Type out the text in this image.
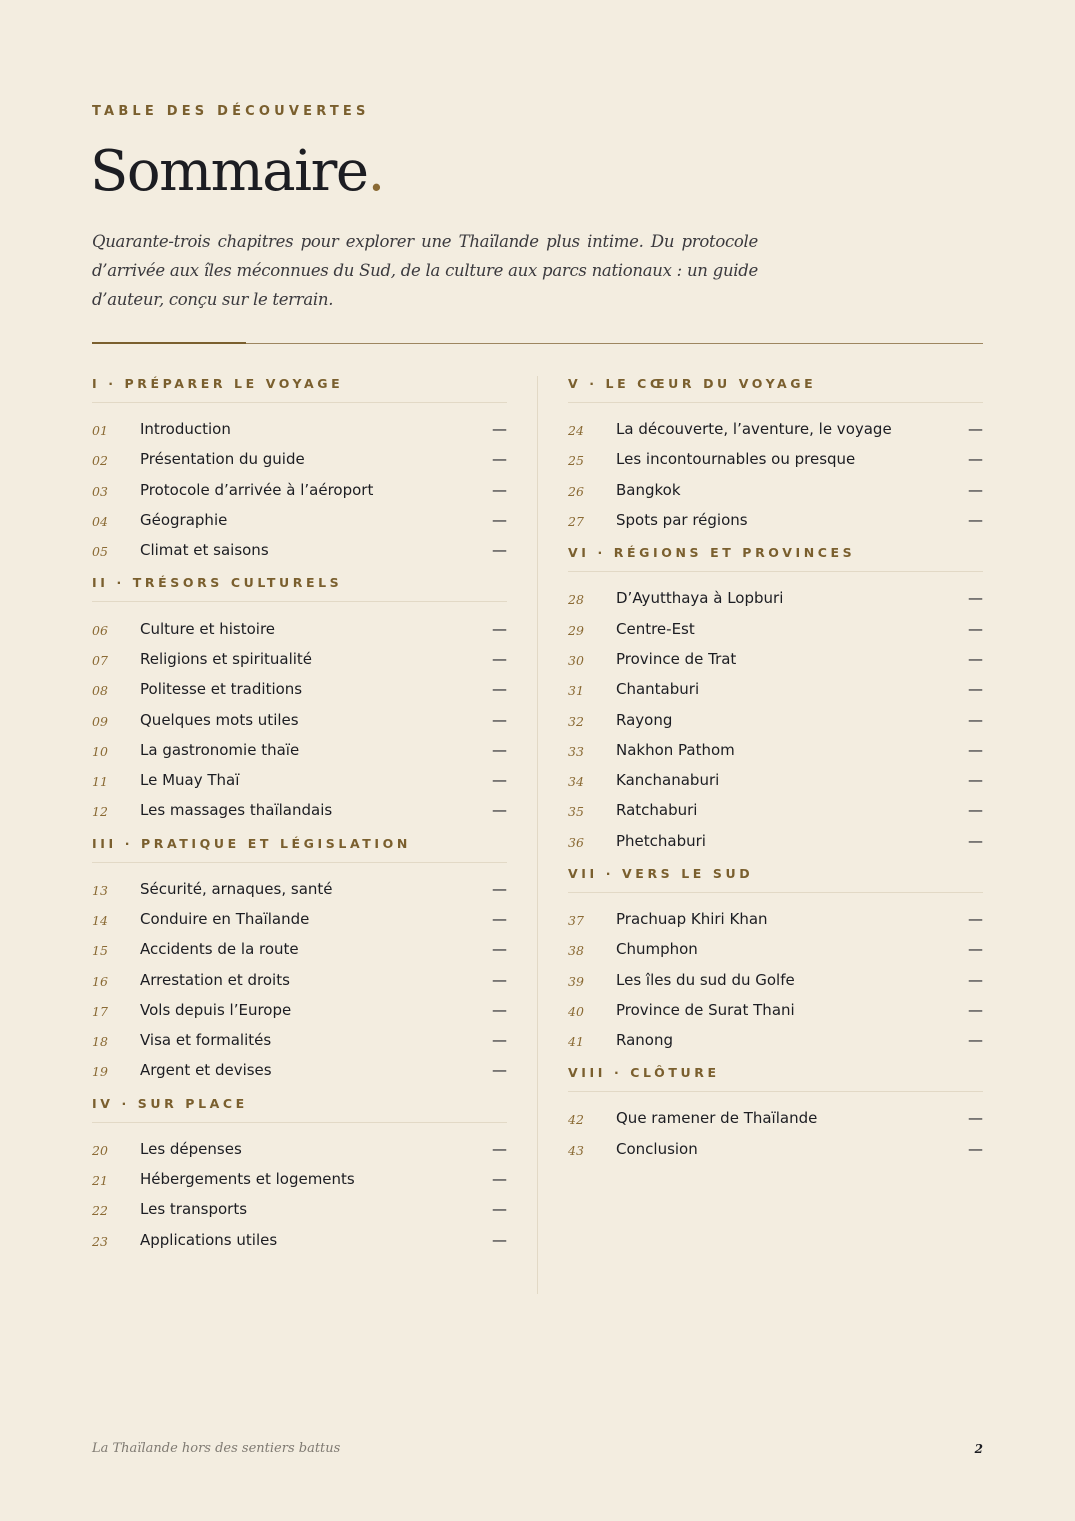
TABLE DES DÉCOUVERTES
Sommaire.
Quarante-trois chapitres pour explorer une Thaïlande plus intime. Du protocole d’arrivée aux îles méconnues du Sud, de la culture aux parcs nationaux : un guide d’auteur, conçu sur le terrain.
I · PRÉPARER LE VOYAGE
01	Introduction	—
02	Présentation du guide	—
03	Protocole d’arrivée à l’aéroport	—
04	Géographie	—
05	Climat et saisons	—
II · TRÉSORS CULTURELS
06	Culture et histoire	—
07	Religions et spiritualité	—
08	Politesse et traditions	—
09	Quelques mots utiles	—
10	La gastronomie thaïe	—
11	Le Muay Thaï	—
12	Les massages thaïlandais	—
III · PRATIQUE ET LÉGISLATION
13	Sécurité, arnaques, santé	—
14	Conduire en Thaïlande	—
15	Accidents de la route	—
16	Arrestation et droits	—
17	Vols depuis l’Europe	—
18	Visa et formalités	—
19	Argent et devises	—
IV · SUR PLACE
20	Les dépenses	—
21	Hébergements et logements	—
22	Les transports	—
23	Applications utiles	—
V · LE CŒUR DU VOYAGE
24	La découverte, l’aventure, le voyage	—
25	Les incontournables ou presque	—
26	Bangkok	—
27	Spots par régions	—
VI · RÉGIONS ET PROVINCES
28	D’Ayutthaya à Lopburi	—
29	Centre-Est	—
30	Province de Trat	—
31	Chantaburi	—
32	Rayong	—
33	Nakhon Pathom	—
34	Kanchanaburi	—
35	Ratchaburi	—
36	Phetchaburi	—
VII · VERS LE SUD
37	Prachuap Khiri Khan	—
38	Chumphon	—
39	Les îles du sud du Golfe	—
40	Province de Surat Thani	—
41	Ranong	—
VIII · CLÔTURE
42	Que ramener de Thaïlande	—
43	Conclusion	—
La Thaïlande hors des sentiers battus	2
